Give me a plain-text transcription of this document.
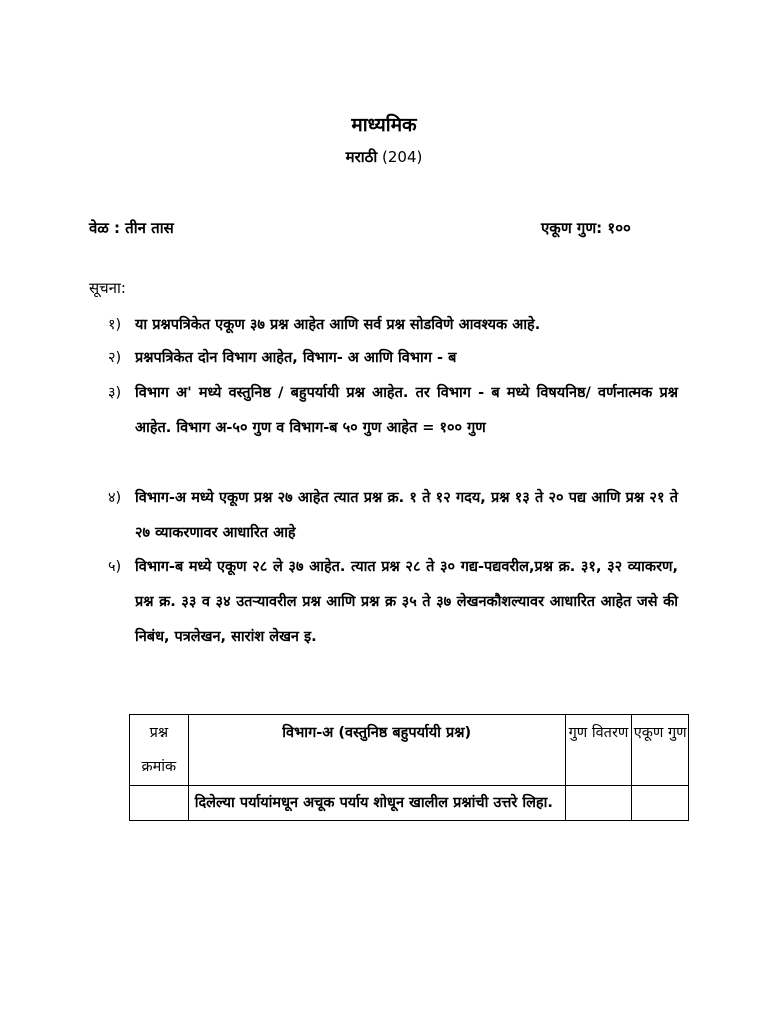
माध्यमिक
मराठी (204)
वेळ : तीन तास	एकूण गुण: १००
सूचना:
१) या प्रश्नपत्रिकेत एकूण ३७ प्रश्न आहेत आणि सर्व प्रश्न सोडविणे आवश्यक आहे.
२) प्रश्नपत्रिकेत दोन विभाग आहेत, विभाग- अ आणि विभाग - ब
३) विभाग अ' मध्ये वस्तुनिष्ठ / बहुपर्यायी प्रश्न आहेत. तर विभाग - ब मध्ये विषयनिष्ठ/ वर्णनात्मक प्रश्न आहेत. विभाग अ-५० गुण व विभाग-ब ५० गुण आहेत = १०० गुण
४) विभाग-अ मध्ये एकूण प्रश्न २७ आहेत त्यात प्रश्न क्र. १ ते १२ गदय, प्रश्न १३ ते २० पद्य आणि प्रश्न २१ ते २७ व्याकरणावर आधारित आहे
५) विभाग-ब मध्ये एकूण २८ ले ३७ आहेत. त्यात प्रश्न २८ ते ३० गद्य-पद्यवरील,प्रश्न क्र. ३१, ३२ व्याकरण, प्रश्न क्र. ३३ व ३४ उतऱ्यावरील प्रश्न आणि प्रश्न क्र ३५ ते ३७ लेखनकौशल्यावर आधारित आहेत जसे की निबंध, पत्रलेखन, सारांश लेखन इ.
प्रश्न क्रमांक	विभाग-अ (वस्तुनिष्ठ बहुपर्यायी प्रश्न)	गुण वितरण	एकूण गुण
	दिलेल्या पर्यायांमधून अचूक पर्याय शोधून खालील प्रश्नांची उत्तरे लिहा.		
